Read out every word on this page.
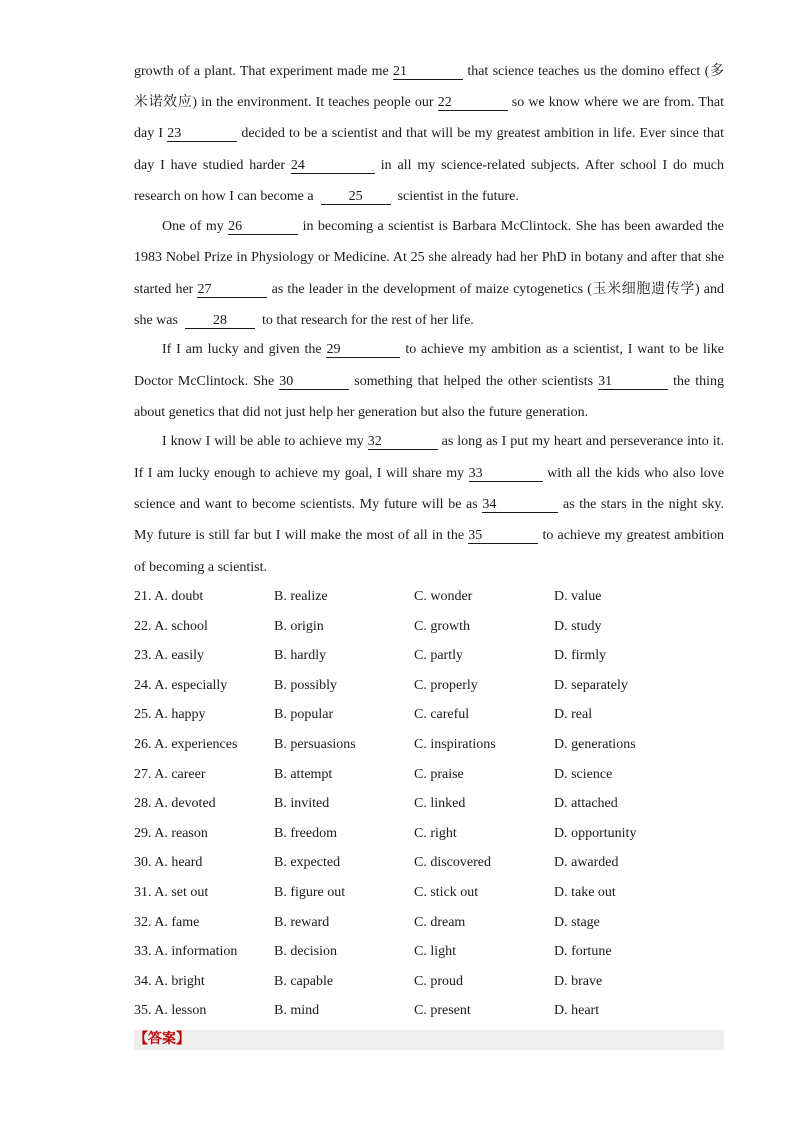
growth of a plant. That experiment made me 21	that science teaches us the domino effect (多
米诺效应) in the environment. It teaches people our 22	so we know where we are from. That
day I 23	decided to be a scientist and that will be my greatest ambition in life. Ever since that
day I have studied harder 24	in all my science-related subjects. After school I do much
research on how I can become a	25	scientist in the future.
One of my 26	in becoming a scientist is Barbara McClintock. She has been awarded the
1983 Nobel Prize in Physiology or Medicine. At 25 she already had her PhD in botany and after that she
started her 27	as the leader in the development of maize cytogenetics (玉米细胞遗传学) and
she was	28	to that research for the rest of her life.
If I am lucky and given the 29	to achieve my ambition as a scientist, I want to be like
Doctor McClintock. She 30	something that helped the other scientists 31	the thing
about genetics that did not just help her generation but also the future generation.
I know I will be able to achieve my 32	as long as I put my heart and perseverance into it.
If I am lucky enough to achieve my goal, I will share my 33	with all the kids who also love
science and want to become scientists. My future will be as 34	as the stars in the night sky.
My future is still far but I will make the most of all in the 35	to achieve my greatest ambition
of becoming a scientist.
21. A. doubt	B. realize	C. wonder	D. value
22. A. school	B. origin	C. growth	D. study
23. A. easily	B. hardly	C. partly	D. firmly
24. A. especially	B. possibly	C. properly	D. separately
25. A. happy	B. popular	C. careful	D. real
26. A. experiences	B. persuasions	C. inspirations	D. generations
27. A. career	B. attempt	C. praise	D. science
28. A. devoted	B. invited	C. linked	D. attached
29. A. reason	B. freedom	C. right	D. opportunity
30. A. heard	B. expected	C. discovered	D. awarded
31. A. set out	B. figure out	C. stick out	D. take out
32. A. fame	B. reward	C. dream	D. stage
33. A. information	B. decision	C. light	D. fortune
34. A. bright	B. capable	C. proud	D. brave
35. A. lesson	B. mind	C. present	D. heart
【答案】
